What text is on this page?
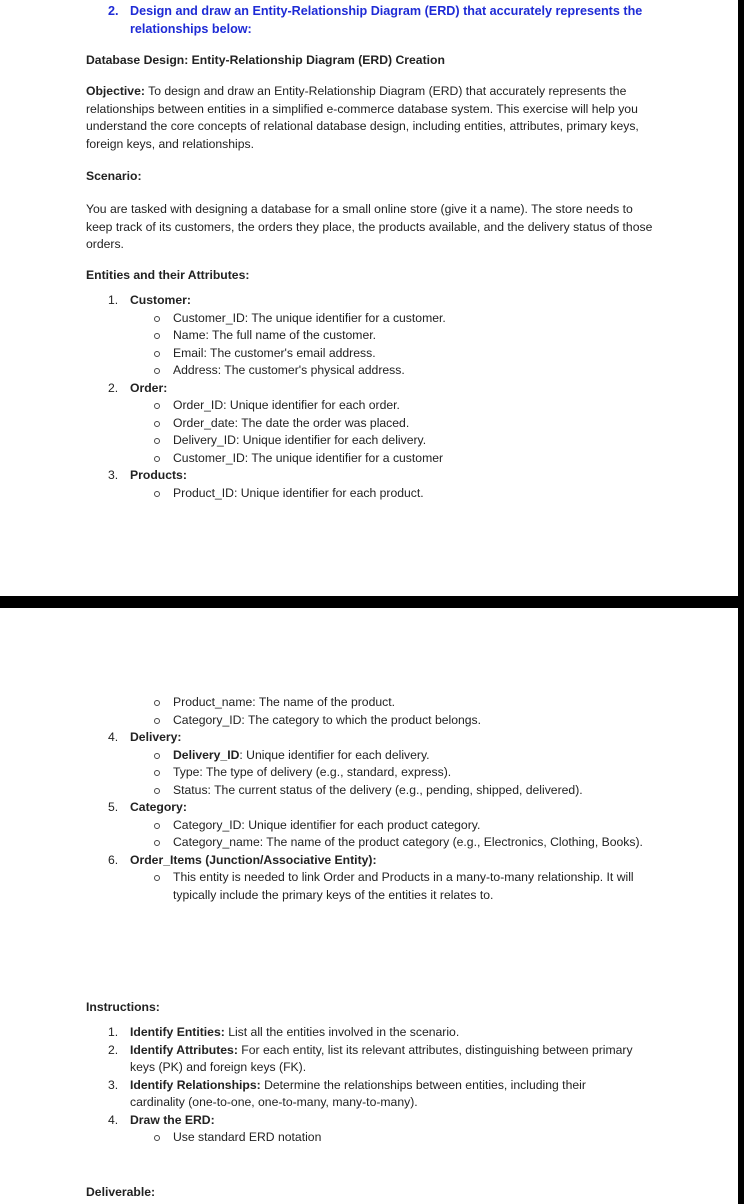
2. Design and draw an Entity-Relationship Diagram (ERD) that accurately represents the relationships below:
Database Design: Entity-Relationship Diagram (ERD) Creation
Objective: To design and draw an Entity-Relationship Diagram (ERD) that accurately represents the relationships between entities in a simplified e-commerce database system. This exercise will help you understand the core concepts of relational database design, including entities, attributes, primary keys, foreign keys, and relationships.
Scenario:
You are tasked with designing a database for a small online store (give it a name). The store needs to keep track of its customers, the orders they place, the products available, and the delivery status of those orders.
Entities and their Attributes:
1. Customer:
Customer_ID: The unique identifier for a customer.
Name: The full name of the customer.
Email: The customer's email address.
Address: The customer's physical address.
2. Order:
Order_ID: Unique identifier for each order.
Order_date: The date the order was placed.
Delivery_ID: Unique identifier for each delivery.
Customer_ID: The unique identifier for a customer
3. Products:
Product_ID: Unique identifier for each product.
Product_name: The name of the product.
Category_ID: The category to which the product belongs.
4. Delivery:
Delivery_ID: Unique identifier for each delivery.
Type: The type of delivery (e.g., standard, express).
Status: The current status of the delivery (e.g., pending, shipped, delivered).
5. Category:
Category_ID: Unique identifier for each product category.
Category_name: The name of the product category (e.g., Electronics, Clothing, Books).
6. Order_Items (Junction/Associative Entity):
This entity is needed to link Order and Products in a many-to-many relationship. It will typically include the primary keys of the entities it relates to.
Instructions:
1. Identify Entities: List all the entities involved in the scenario.
2. Identify Attributes: For each entity, list its relevant attributes, distinguishing between primary keys (PK) and foreign keys (FK).
3. Identify Relationships: Determine the relationships between entities, including their cardinality (one-to-one, one-to-many, many-to-many).
4. Draw the ERD:
Use standard ERD notation
Deliverable:
